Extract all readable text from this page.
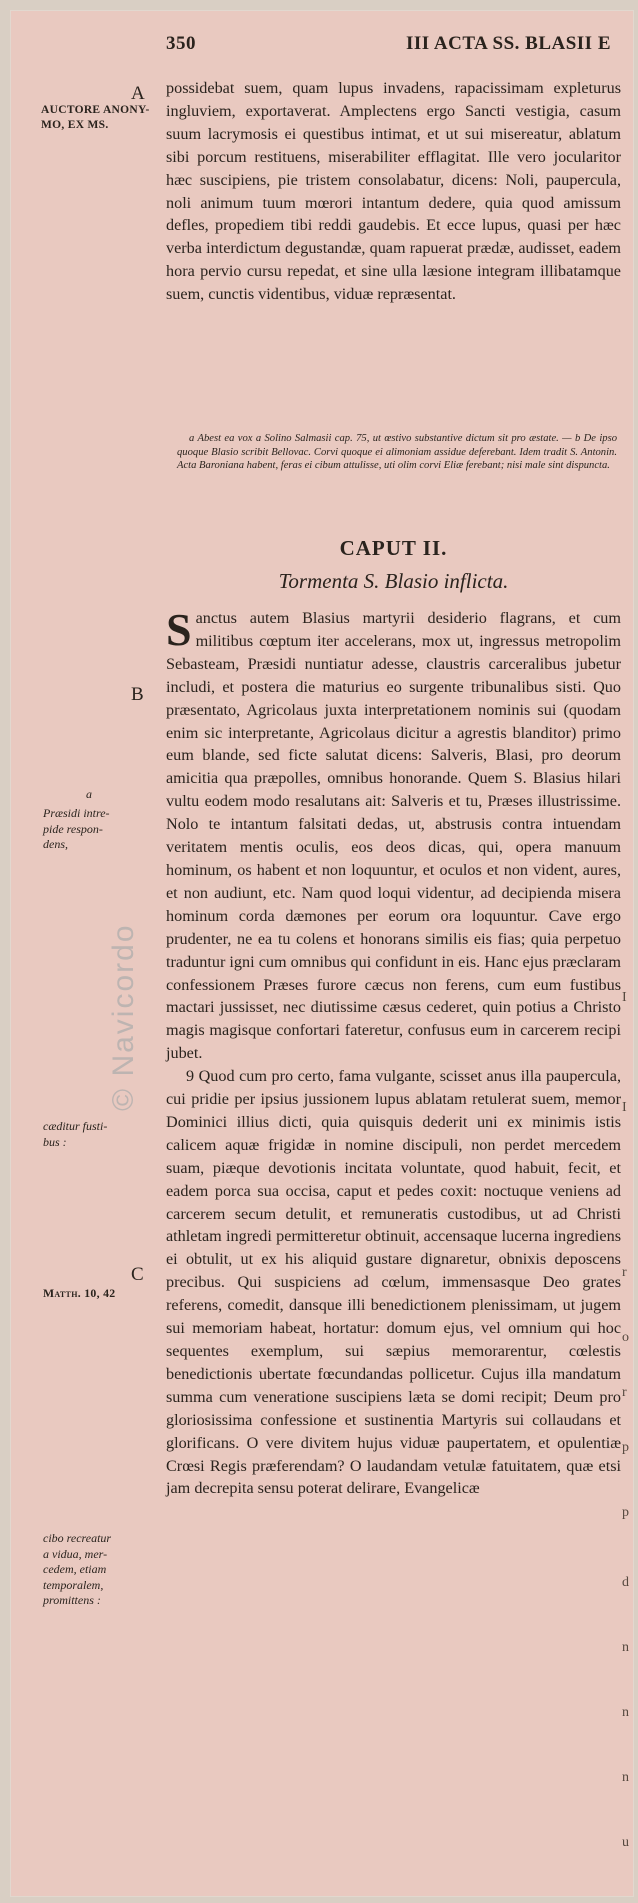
350	III ACTA SS. BLASII E
AUCTORE ANONY-
MO, EX MS.
A
B
C
a
Præsidi intre-
pide respon-
dens,
cæditur fusti-
bus :
Matth. 10, 42
cibo recreatur
a vidua, mer-
cedem, etiam
temporalem,
promittens :

possidebat suem, quam lupus invadens, rapacissimam expleturus ingluviem, exportaverat. Amplectens ergo Sancti vestigia, casum suum lacrymosis ei questibus intimat, et ut sui misereatur, ablatum sibi porcum restituens, miserabiliter efflagitat. Ille vero jocularitor hæc suscipiens, pie tristem consolabatur, dicens: Noli, paupercula, noli animum tuum mœrori intantum dedere, quia quod amissum defles, propediem tibi reddi gaudebis. Et ecce lupus, quasi per hæc verba interdictum degustandæ, quam rapuerat prædæ, audisset, eadem hora pervio cursu repedat, et sine ulla læsione integram illibatamque suem, cunctis videntibus, viduæ repræsentat.

a Abest ea vox a Solino Salmasii cap. 75, ut œstivo substantive dictum sit pro æstate. — b De ipso quoque Blasio scribit Bellovac. Corvi quoque ei alimoniam assidue deferebant. Idem tradit S. Antonin. Acta Baroniana habent, feras ei cibum attulisse, uti olim corvi Eliæ ferebant; nisi male sint dispuncta.

CAPUT II.
Tormenta S. Blasio inflicta.

Sanctus autem Blasius martyrii desiderio flagrans, et cum militibus cœptum iter accelerans, mox ut, ingressus metropolim Sebasteam, Præsidi nuntiatur adesse, claustris carceralibus jubetur includi, et postera die maturius eo surgente tribunalibus sisti. Quo præsentato, Agricolaus juxta interpretationem nominis sui (quodam enim sic interpretante, Agricolaus dicitur a agrestis blanditor) primo eum blande, sed ficte salutat dicens: Salveris, Blasi, pro deorum amicitia qua præpolles, omnibus honorande. Quem S. Blasius hilari vultu eodem modo resalutans ait: Salveris et tu, Præses illustrissime. Nolo te intantum falsitati dedas, ut, abstrusis contra intuendam veritatem mentis oculis, eos deos dicas, qui, opera manuum hominum, os habent et non loquuntur, et oculos et non vident, aures, et non audiunt, etc. Nam quod loqui videntur, ad decipienda misera hominum corda dæmones per eorum ora loquuntur. Cave ergo prudenter, ne ea tu colens et honorans similis eis fias; quia perpetuo traduntur igni cum omnibus qui confidunt in eis. Hanc ejus præclaram confessionem Præses furore cæcus non ferens, cum eum fustibus mactari jussisset, nec diutissime cæsus cederet, quin potius a Christo magis magisque confortari fateretur, confusus eum in carcerem recipi jubet.

9 Quod cum pro certo, fama vulgante, scisset anus illa paupercula, cui pridie per ipsius jussionem lupus ablatam retulerat suem, memor Dominici illius dicti, quia quisquis dederit uni ex minimis istis calicem aquæ frigidæ in nomine discipuli, non perdet mercedem suam, piæque devotionis incitata voluntate, quod habuit, fecit, et eadem porca sua occisa, caput et pedes coxit: noctuque veniens ad carcerem secum detulit, et remuneratis custodibus, ut ad Christi athletam ingredi permitteretur obtinuit, accensaque lucerna ingrediens ei obtulit, ut ex his aliquid gustare dignaretur, obnixis deposcens precibus. Qui suspiciens ad cœlum, immensasque Deo grates referens, comedit, dansque illi benedictionem plenissimam, ut jugem sui memoriam habeat, hortatur: domum ejus, vel omnium qui hoc sequentes exemplum, sui sæpius memorarentur, cœlestis benedictionis ubertate fœcundandas pollicetur. Cujus illa mandatum summa cum veneratione suscipiens læta se domi recipit; Deum pro gloriosissima confessione et sustinentia Martyris sui collaudans et glorificans. O vere divitem hujus viduæ paupertatem, et opulentiæ Crœsi Regis præferendam? O laudandam vetulæ fatuitatem, quæ etsi jam decrepita sensu poterat delirare, Evangelicæ

© Navicordo	I
I
r
o
r
p
p
d
n
n
n
u
